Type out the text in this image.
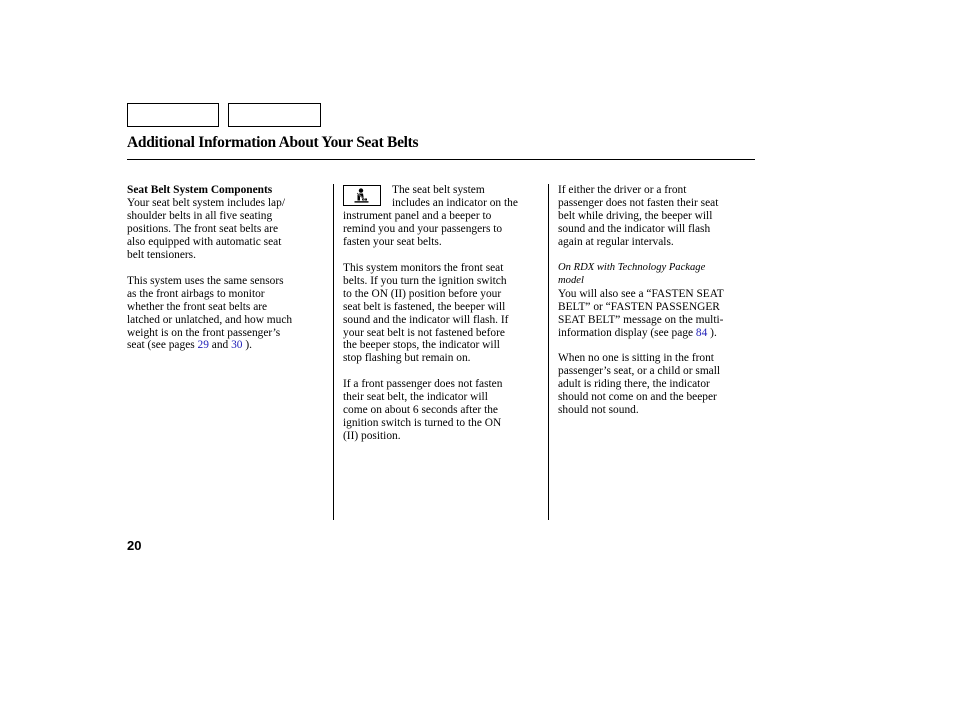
Additional Information About Your Seat Belts
Seat Belt System Components

Your seat belt system includes lap/
shoulder belts in all five seating
positions. The front seat belts are
also equipped with automatic seat
belt tensioners.

This system uses the same sensors
as the front airbags to monitor
whether the front seat belts are
latched or unlatched, and how much
weight is on the front passenger’s
seat (see pages 29 and 30 ).

The seat belt system
includes an indicator on the
instrument panel and a beeper to
remind you and your passengers to
fasten your seat belts.

This system monitors the front seat
belts. If you turn the ignition switch
to the ON (II) position before your
seat belt is fastened, the beeper will
sound and the indicator will flash. If
your seat belt is not fastened before
the beeper stops, the indicator will
stop flashing but remain on.

If a front passenger does not fasten
their seat belt, the indicator will
come on about 6 seconds after the
ignition switch is turned to the ON
(II) position.

If either the driver or a front
passenger does not fasten their seat
belt while driving, the beeper will
sound and the indicator will flash
again at regular intervals.

On RDX with Technology Package
model
You will also see a “FASTEN SEAT
BELT” or “FASTEN PASSENGER
SEAT BELT” message on the multi-
information display (see page 84 ).

When no one is sitting in the front
passenger’s seat, or a child or small
adult is riding there, the indicator
should not come on and the beeper
should not sound.

20
